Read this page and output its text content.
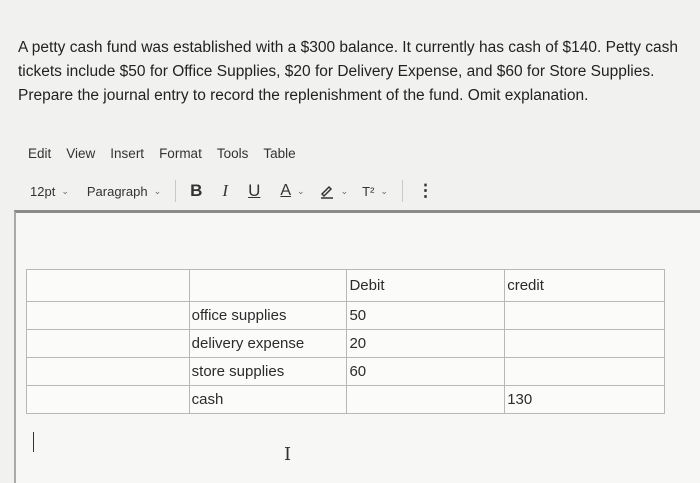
A petty cash fund was established with a $300 balance. It currently has cash of $140. Petty cash tickets include $50 for Office Supplies, $20 for Delivery Expense, and $60 for Store Supplies. Prepare the journal entry to record the replenishment of the fund. Omit explanation.
Edit View Insert Format Tools Table
12pt ⌄ Paragraph ⌄ B I U A ⌄	⌄ T² ⌄ ⋮
		Debit	credit
	office supplies	50	
	delivery expense	20	
	store supplies	60	
	cash		130
I
